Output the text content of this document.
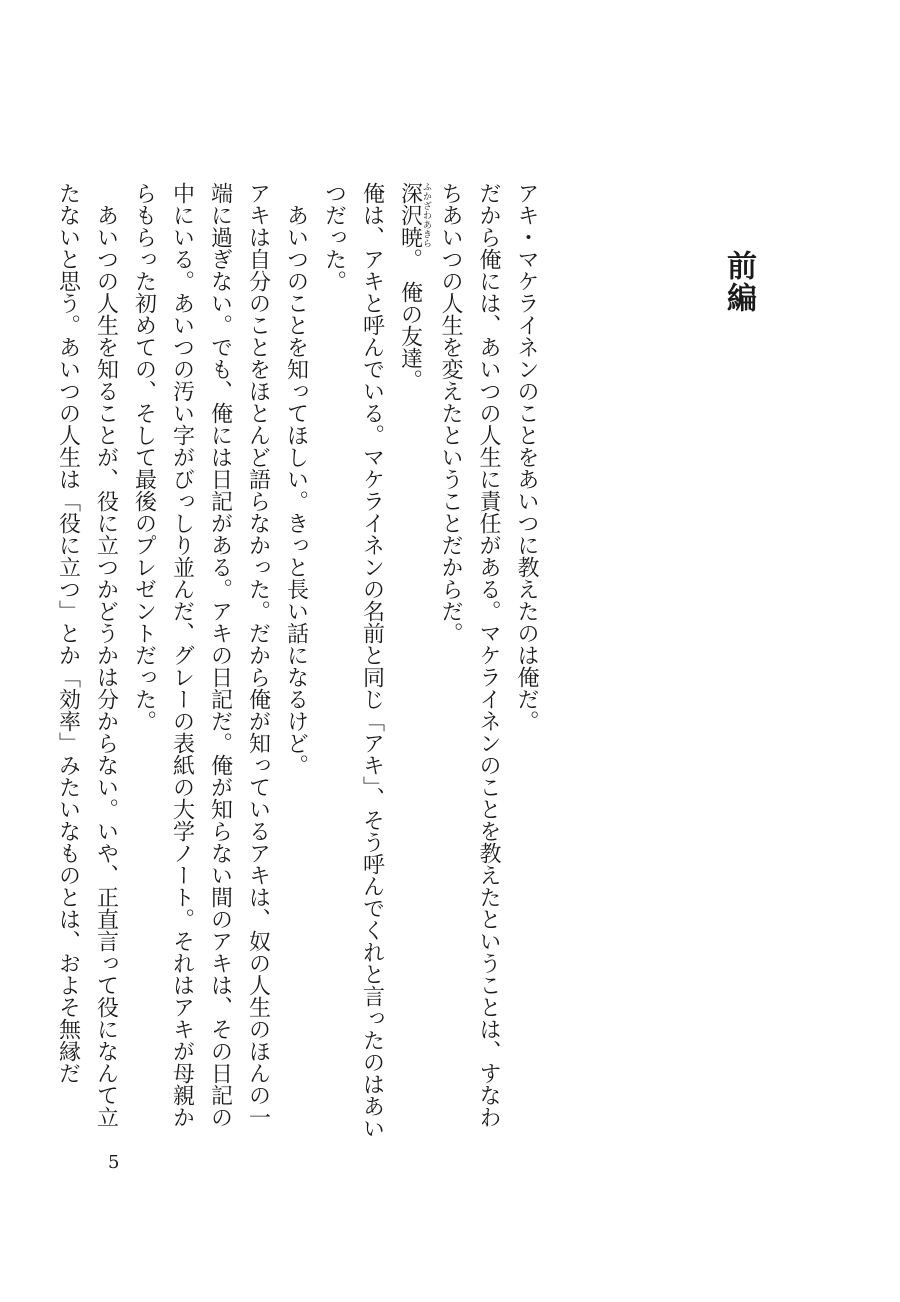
前編

アキ・マケライネンのことをあいつに教えたのは俺だ。

だから俺には、あいつの人生に責任がある。マケライネンのことを教えたということは、すなわちあいつの人生を変えたということだからだ。

深沢暁ふかざわあきら。　俺の友達。

俺は、アキと呼んでいる。マケライネンの名前と同じ「アキ」、そう呼んでくれと言ったのはあいつだった。

あいつのことを知ってほしい。きっと長い話になるけど。

アキは自分のことをほとんど語らなかった。だから俺が知っているアキは、奴の人生のほんの一端に過ぎない。でも、俺には日記がある。アキの日記だ。俺が知らない間のアキは、その日記の中にいる。あいつの汚い字がびっしり並んだ、グレーの表紙の大学ノート。それはアキが母親からもらった初めての、そして最後のプレゼントだった。

あいつの人生を知ることが、役に立つかどうかは分からない。いや、正直言って役になんて立たないと思う。あいつの人生は「役に立つ」とか「効率」みたいなものとは、およそ無縁だ

5
